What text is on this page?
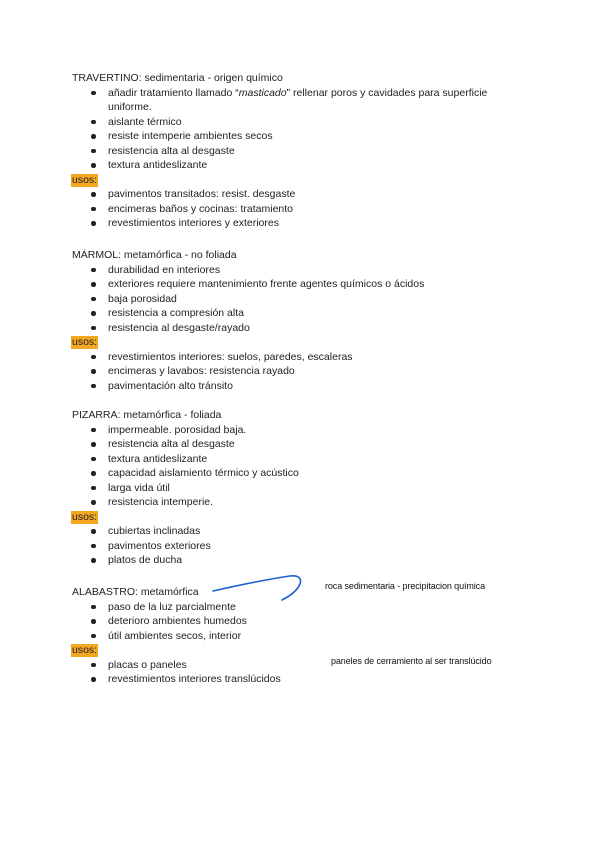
TRAVERTINO: sedimentaria - origen químico
añadir tratamiento llamado “masticado” rellenar poros y cavidades para superficie uniforme.
aislante térmico
resiste intemperie ambientes secos
resistencia alta al desgaste
textura antideslizante
usos:
pavimentos transitados: resist. desgaste
encimeras baños y cocinas: tratamiento
revestimientos interiores y exteriores
MÁRMOL: metamórfica - no foliada
durabilidad en interiores
exteriores requiere mantenimiento frente agentes químicos o ácidos
baja porosidad
resistencia a compresión alta
resistencia al desgaste/rayado
usos:
revestimientos interiores: suelos, paredes, escaleras
encimeras y lavabos: resistencia rayado
pavimentación alto tránsito
PIZARRA: metamórfica - foliada
impermeable. porosidad baja.
resistencia alta al desgaste
textura antideslizante
capacidad aislamiento térmico y acústico
larga vida útil
resistencia intemperie.
usos:
cubiertas inclinadas
pavimentos exteriores
platos de ducha
ALABASTRO: metamórfica
paso de la luz parcialmente
deterioro ambientes humedos
útil ambientes secos, interior
usos:
placas o paneles
revestimientos interiores translúcidos
roca sedimentaria - precipitacion química
paneles de cerramiento al ser translúcido
